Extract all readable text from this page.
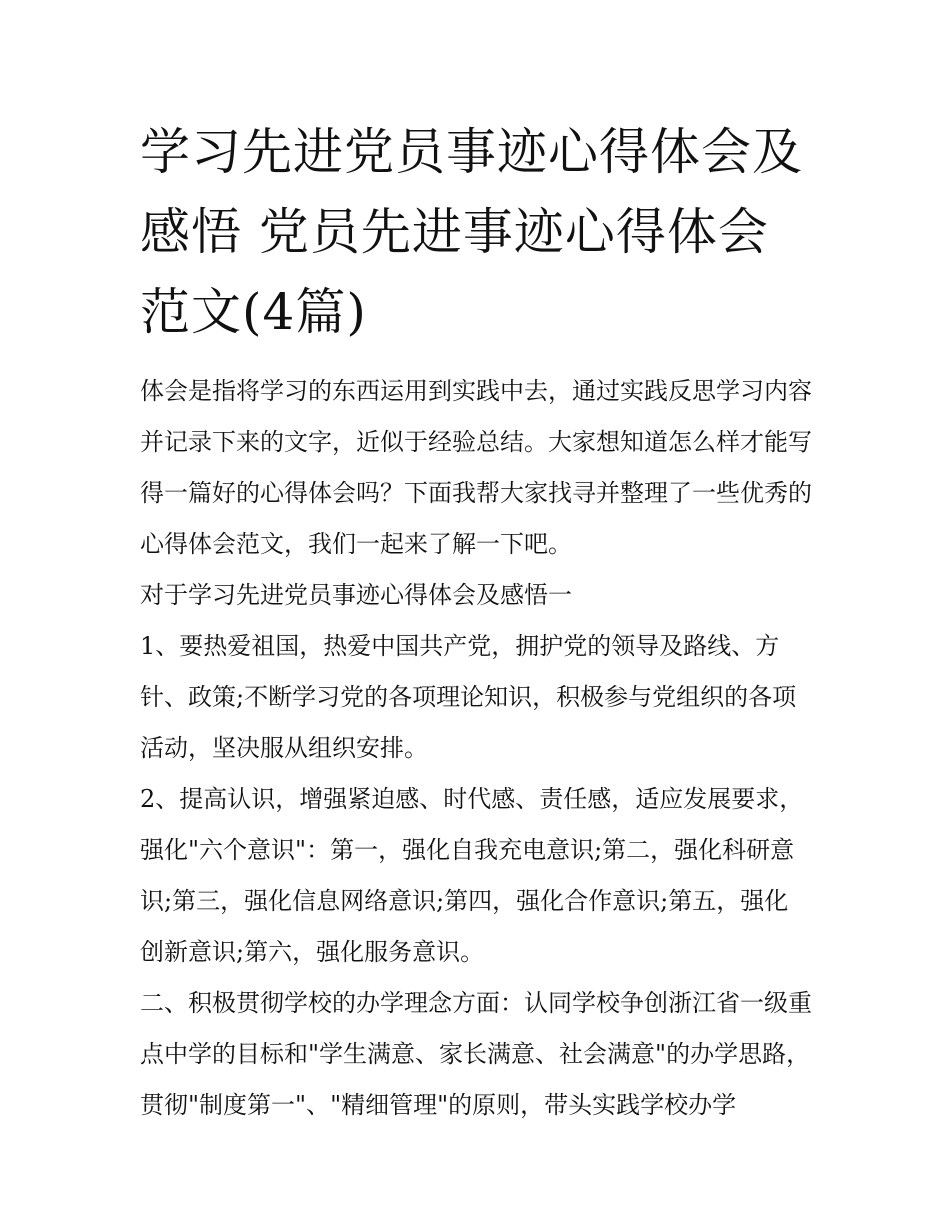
学习先进党员事迹心得体会及感悟 党员先进事迹心得体会范文(4篇)

体会是指将学习的东西运用到实践中去，通过实践反思学习内容并记录下来的文字，近似于经验总结。大家想知道怎么样才能写得一篇好的心得体会吗？下面我帮大家找寻并整理了一些优秀的心得体会范文，我们一起来了解一下吧。

对于学习先进党员事迹心得体会及感悟一

1、要热爱祖国，热爱中国共产党，拥护党的领导及路线、方针、政策;不断学习党的各项理论知识，积极参与党组织的各项活动，坚决服从组织安排。

2、提高认识，增强紧迫感、时代感、责任感，适应发展要求，强化"六个意识"：第一，强化自我充电意识;第二，强化科研意识;第三，强化信息网络意识;第四，强化合作意识;第五，强化创新意识;第六，强化服务意识。

二、积极贯彻学校的办学理念方面：认同学校争创浙江省一级重点中学的目标和"学生满意、家长满意、社会满意"的办学思路，贯彻"制度第一"、"精细管理"的原则，带头实践学校办学
